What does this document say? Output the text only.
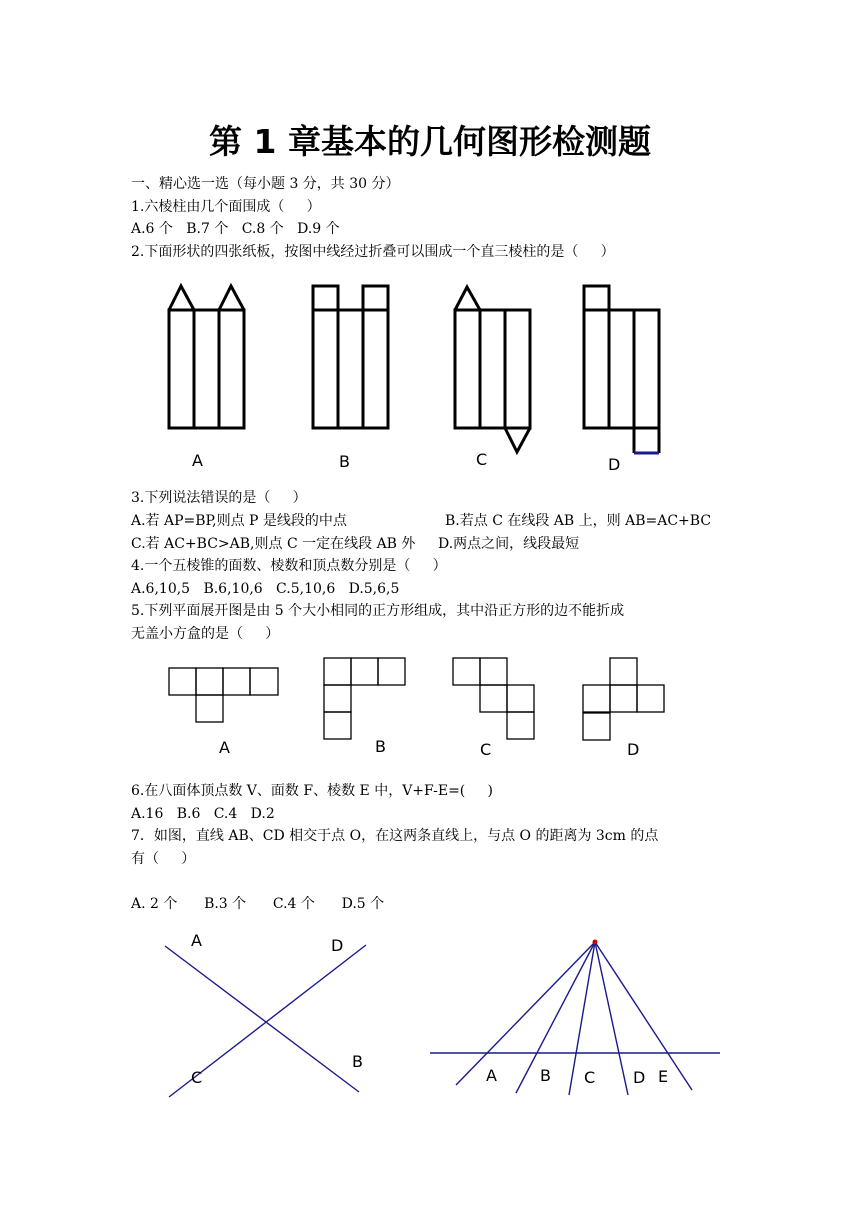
第 1 章基本的几何图形检测题
一、精心选一选（每小题 3 分，共 30 分）
1.六棱柱由几个面围成（     ）
A.6 个   B.7 个   C.8 个   D.9 个
2.下面形状的四张纸板，按图中线经过折叠可以围成一个直三棱柱的是（     ）
A	B	C	D
A	B	C	D
A	D
C
B
A	B C D E
3.下列说法错误的是（     ）
A.若 AP=BP,则点 P 是线段的中点	B.若点 C 在线段 AB 上，则 AB=AC+BC
C.若 AC+BC>AB,则点 C 一定在线段 AB 外 D.两点之间，线段最短
4.一个五棱锥的面数、棱数和顶点数分别是（     ）
A.6,10,5   B.6,10,6   C.5,10,6   D.5,6,5
5.下列平面展开图是由 5 个大小相同的正方形组成，其中沿正方形的边不能折成
无盖小方盒的是（     ）
6.在八面体顶点数 V、面数 F、棱数 E 中，V+F-E=(     )
A.16   B.6   C.4   D.2
7．如图，直线 AB、CD 相交于点 O，在这两条直线上，与点 O 的距离为 3cm 的点
有（     ）
A. 2 个      B.3 个      C.4 个      D.5 个
